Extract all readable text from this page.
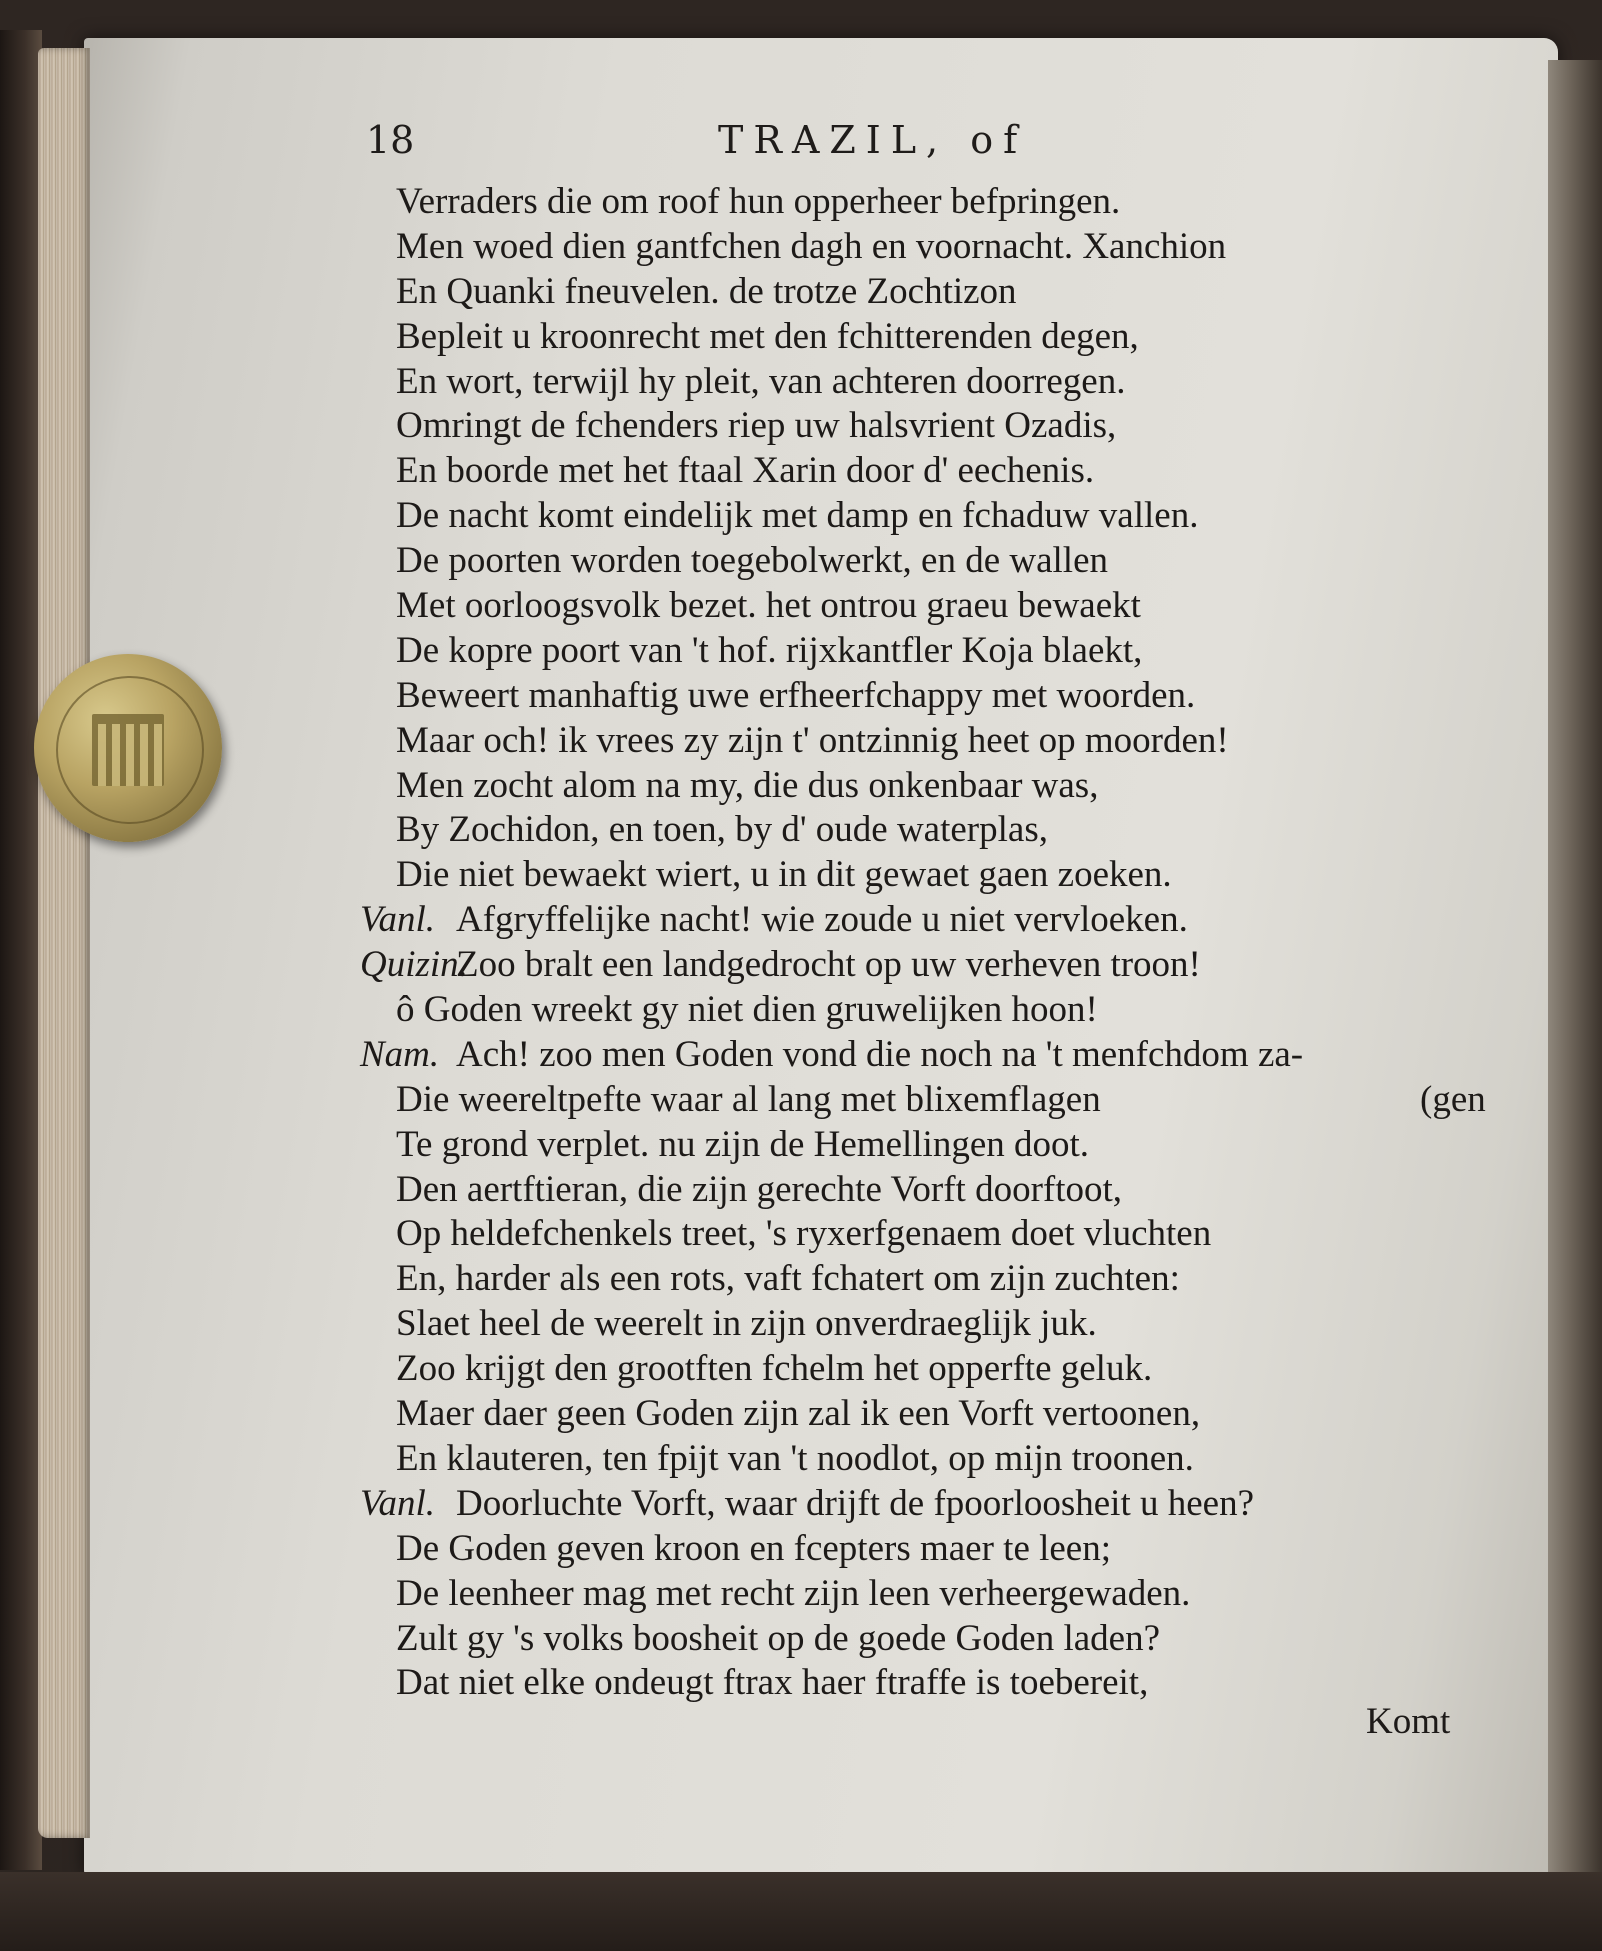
18	TRAZIL, of
Verraders die om roof hun opperheer befpringen.
Men woed dien gantfchen dagh en voornacht. Xanchion
En Quanki fneuvelen. de trotze Zochtizon
Bepleit u kroonrecht met den fchitterenden degen,
En wort, terwijl hy pleit, van achteren doorregen.
Omringt de fchenders riep uw halsvrient Ozadis,
En boorde met het ftaal Xarin door d' eechenis.
De nacht komt eindelijk met damp en fchaduw vallen.
De poorten worden toegebolwerkt, en de wallen
Met oorloogsvolk bezet. het ontrou graeu bewaekt
De kopre poort van 't hof. rijxkantfler Koja blaekt,
Beweert manhaftig uwe erfheerfchappy met woorden.
Maar och! ik vrees zy zijn t' ontzinnig heet op moorden!
Men zocht alom na my, die dus onkenbaar was,
By Zochidon, en toen, by d' oude waterplas,
Die niet bewaekt wiert, u in dit gewaet gaen zoeken.
Vanl. Afgryffelijke nacht! wie zoude u niet vervloeken.
Quizin.Zoo bralt een landgedrocht op uw verheven troon!
ô Goden wreekt gy niet dien gruwelijken hoon!
Nam. Ach! zoo men Goden vond die noch na 't menfchdom za-
Die weereltpefte waar al lang met blixemflagen	(gen
Te grond verplet. nu zijn de Hemellingen doot.
Den aertftieran, die zijn gerechte Vorft doorftoot,
Op heldefchenkels treet, 's ryxerfgenaem doet vluchten
En, harder als een rots, vaft fchatert om zijn zuchten:
Slaet heel de weerelt in zijn onverdraeglijk juk.
Zoo krijgt den grootften fchelm het opperfte geluk.
Maer daer geen Goden zijn zal ik een Vorft vertoonen,
En klauteren, ten fpijt van 't noodlot, op mijn troonen.
Vanl. Doorluchte Vorft, waar drijft de fpoorloosheit u heen?
De Goden geven kroon en fcepters maer te leen;
De leenheer mag met recht zijn leen verheergewaden.
Zult gy 's volks boosheit op de goede Goden laden?
Dat niet elke ondeugt ftrax haer ftraffe is toebereit,
Komt
